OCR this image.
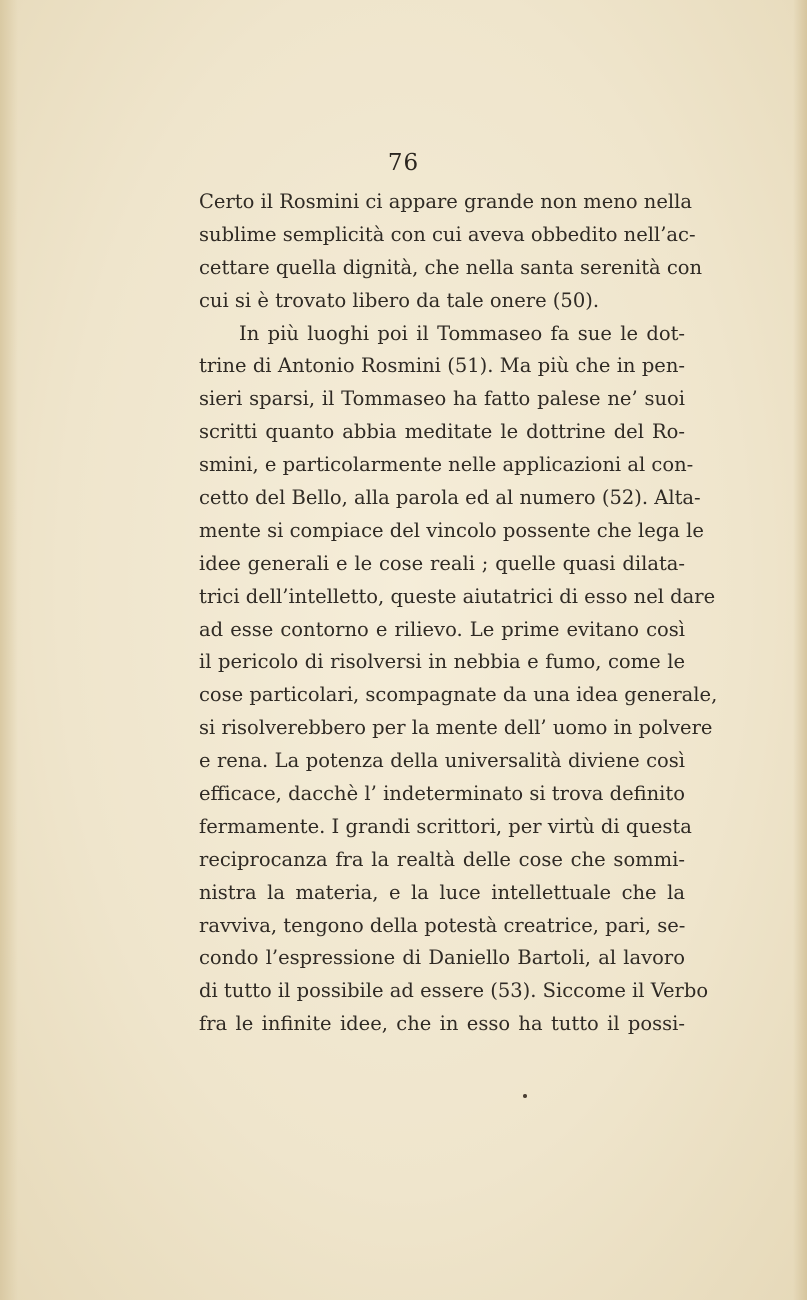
76
Certo il Rosmini ci appare grande non meno nella
sublime semplicità con cui aveva obbedito nell’ac-
cettare quella dignità, che nella santa serenità con
cui si è trovato libero da tale onere (50).
In più luoghi poi il Tommaseo fa sue le dot-
trine di Antonio Rosmini (51). Ma più che in pen-
sieri sparsi, il Tommaseo ha fatto palese ne’ suoi
scritti quanto abbia meditate le dottrine del Ro-
smini, e particolarmente nelle applicazioni al con-
cetto del Bello, alla parola ed al numero (52). Alta-
mente si compiace del vincolo possente che lega le
idee generali e le cose reali ; quelle quasi dilata-
trici dell’intelletto, queste aiutatrici di esso nel dare
ad esse contorno e rilievo. Le prime evitano così
il pericolo di risolversi in nebbia e fumo, come le
cose particolari, scompagnate da una idea generale,
si risolverebbero per la mente dell’ uomo in polvere
e rena. La potenza della universalità diviene così
efficace, dacchè l’ indeterminato si trova definito
fermamente. I grandi scrittori, per virtù di questa
reciprocanza fra la realtà delle cose che sommi-
nistra la materia, e la luce intellettuale che la
ravviva, tengono della potestà creatrice, pari, se-
condo l’espressione di Daniello Bartoli, al lavoro
di tutto il possibile ad essere (53). Siccome il Verbo
fra le infinite idee, che in esso ha tutto il possi-
